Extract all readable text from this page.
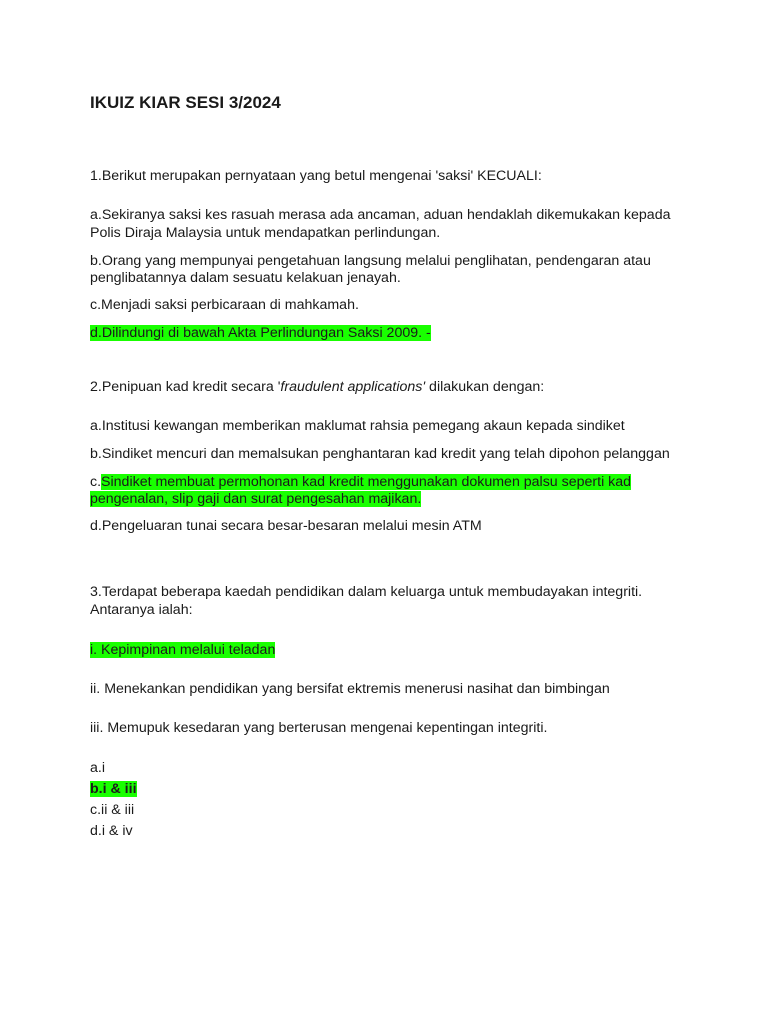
IKUIZ KIAR SESI 3/2024

1.Berikut merupakan pernyataan yang betul mengenai 'saksi' KECUALI:

a.Sekiranya saksi kes rasuah merasa ada ancaman, aduan hendaklah dikemukakan kepada

Polis Diraja Malaysia untuk mendapatkan perlindungan.

b.Orang yang mempunyai pengetahuan langsung melalui penglihatan, pendengaran atau

penglibatannya dalam sesuatu kelakuan jenayah.

c.Menjadi saksi perbicaraan di mahkamah.

d.Dilindungi di bawah Akta Perlindungan Saksi 2009. -

2.Penipuan kad kredit secara 'fraudulent applications' dilakukan dengan:

a.Institusi kewangan memberikan maklumat rahsia pemegang akaun kepada sindiket

b.Sindiket mencuri dan memalsukan penghantaran kad kredit yang telah dipohon pelanggan

c.Sindiket membuat permohonan kad kredit menggunakan dokumen palsu seperti kad

pengenalan, slip gaji dan surat pengesahan majikan.

d.Pengeluaran tunai secara besar-besaran melalui mesin ATM

3.Terdapat beberapa kaedah pendidikan dalam keluarga untuk membudayakan integriti.

Antaranya ialah:

i. Kepimpinan melalui teladan

ii. Menekankan pendidikan yang bersifat ektremis menerusi nasihat dan bimbingan

iii. Memupuk kesedaran yang berterusan mengenai kepentingan integriti.

a.i

b.i & iii

c.ii & iii

d.i & iv
